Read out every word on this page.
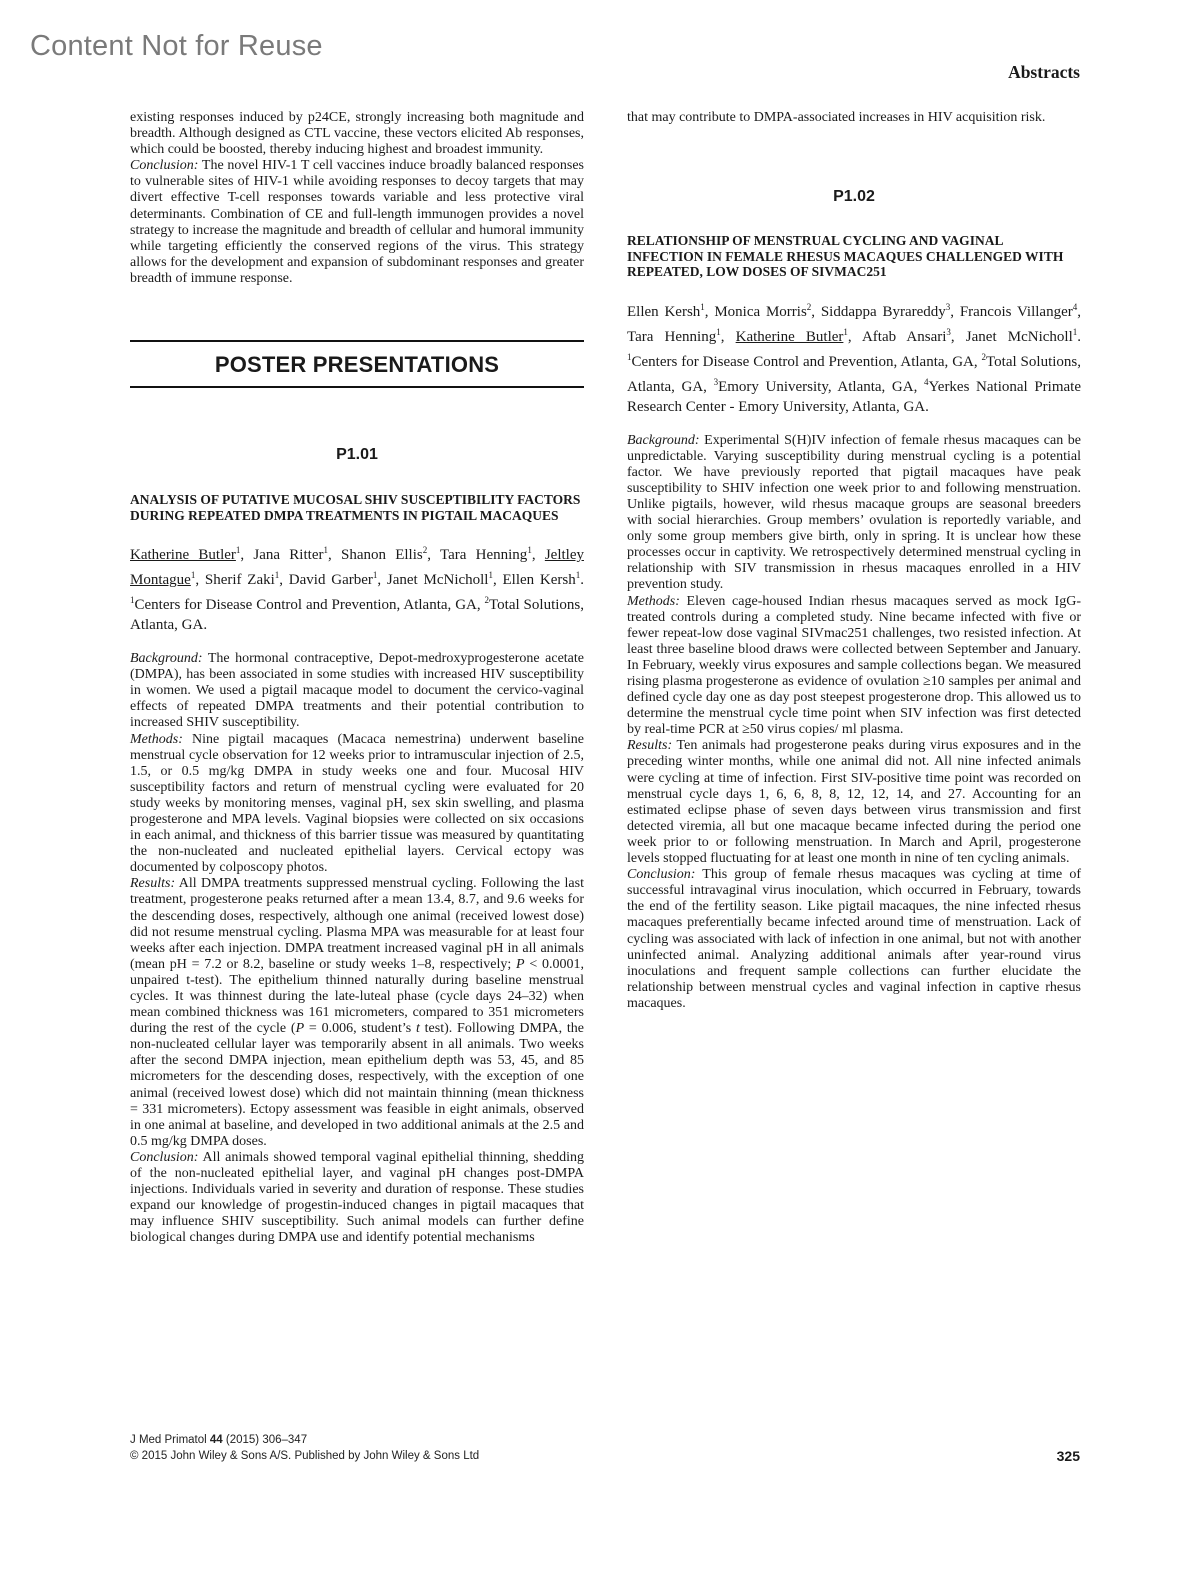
Content Not for Reuse
Abstracts

existing responses induced by p24CE, strongly increasing both magnitude and breadth. Although designed as CTL vaccine, these vectors elicited Ab responses, which could be boosted, thereby inducing highest and broadest immunity.

Conclusion: The novel HIV-1 T cell vaccines induce broadly balanced responses to vulnerable sites of HIV-1 while avoiding responses to decoy targets that may divert effective T-cell responses towards variable and less protective viral determinants. Combination of CE and full-length immunogen provides a novel strategy to increase the magnitude and breadth of cellular and humoral immunity while targeting efficiently the conserved regions of the virus. This strategy allows for the development and expansion of subdominant responses and greater breadth of immune response.

POSTER PRESENTATIONS
P1.01
ANALYSIS OF PUTATIVE MUCOSAL SHIV SUSCEPTIBILITY FACTORS DURING REPEATED DMPA TREATMENTS IN PIGTAIL MACAQUES

Katherine Butler$^1$, Jana Ritter$^1$, Shanon Ellis$^2$, Tara Henning$^1$, Jeltley Montague$^1$, Sherif Zaki$^1$, David Garber$^1$, Janet McNicholl$^1$, Ellen Kersh$^1$. $^1$Centers for Disease Control and Prevention, Atlanta, GA, $^2$Total Solutions, Atlanta, GA.

Background: The hormonal contraceptive, Depot-medroxyprogesterone acetate (DMPA), has been associated in some studies with increased HIV susceptibility in women. We used a pigtail macaque model to document the cervico-vaginal effects of repeated DMPA treatments and their potential contribution to increased SHIV susceptibility.

Methods: Nine pigtail macaques (Macaca nemestrina) underwent baseline menstrual cycle observation for 12 weeks prior to intramuscular injection of 2.5, 1.5, or 0.5 mg/kg DMPA in study weeks one and four. Mucosal HIV susceptibility factors and return of menstrual cycling were evaluated for 20 study weeks by monitoring menses, vaginal pH, sex skin swelling, and plasma progesterone and MPA levels. Vaginal biopsies were collected on six occasions in each animal, and thickness of this barrier tissue was measured by quantitating the non-nucleated and nucleated epithelial layers. Cervical ectopy was documented by colposcopy photos.

Results: All DMPA treatments suppressed menstrual cycling. Following the last treatment, progesterone peaks returned after a mean 13.4, 8.7, and 9.6 weeks for the descending doses, respectively, although one animal (received lowest dose) did not resume menstrual cycling. Plasma MPA was measurable for at least four weeks after each injection. DMPA treatment increased vaginal pH in all animals (mean pH = 7.2 or 8.2, baseline or study weeks 1–8, respectively; P < 0.0001, unpaired t-test). The epithelium thinned naturally during baseline menstrual cycles. It was thinnest during the late-luteal phase (cycle days 24–32) when mean combined thickness was 161 micrometers, compared to 351 micrometers during the rest of the cycle (P = 0.006, student’s t test). Following DMPA, the non-nucleated cellular layer was temporarily absent in all animals. Two weeks after the second DMPA injection, mean epithelium depth was 53, 45, and 85 micrometers for the descending doses, respectively, with the exception of one animal (received lowest dose) which did not maintain thinning (mean thickness = 331 micrometers). Ectopy assessment was feasible in eight animals, observed in one animal at baseline, and developed in two additional animals at the 2.5 and 0.5 mg/kg DMPA doses.

Conclusion: All animals showed temporal vaginal epithelial thinning, shedding of the non-nucleated epithelial layer, and vaginal pH changes post-DMPA injections. Individuals varied in severity and duration of response. These studies expand our knowledge of progestin-induced changes in pigtail macaques that may influence SHIV susceptibility. Such animal models can further define biological changes during DMPA use and identify potential mechanisms

that may contribute to DMPA-associated increases in HIV acquisition risk.

P1.02
RELATIONSHIP OF MENSTRUAL CYCLING AND VAGINAL INFECTION IN FEMALE RHESUS MACAQUES CHALLENGED WITH REPEATED, LOW DOSES OF SIVMAC251

Ellen Kersh$^1$, Monica Morris$^2$, Siddappa Byrareddy$^3$, Francois Villanger$^4$, Tara Henning$^1$, Katherine Butler$^1$, Aftab Ansari$^3$, Janet McNicholl$^1$. $^1$Centers for Disease Control and Prevention, Atlanta, GA, $^2$Total Solutions, Atlanta, GA, $^3$Emory University, Atlanta, GA, $^4$Yerkes National Primate Research Center - Emory University, Atlanta, GA.

Background: Experimental S(H)IV infection of female rhesus macaques can be unpredictable. Varying susceptibility during menstrual cycling is a potential factor. We have previously reported that pigtail macaques have peak susceptibility to SHIV infection one week prior to and following menstruation. Unlike pigtails, however, wild rhesus macaque groups are seasonal breeders with social hierarchies. Group members’ ovulation is reportedly variable, and only some group members give birth, only in spring. It is unclear how these processes occur in captivity. We retrospectively determined menstrual cycling in relationship with SIV transmission in rhesus macaques enrolled in a HIV prevention study.

Methods: Eleven cage-housed Indian rhesus macaques served as mock IgG- treated controls during a completed study. Nine became infected with five or fewer repeat-low dose vaginal SIVmac251 challenges, two resisted infection. At least three baseline blood draws were collected between September and January. In February, weekly virus exposures and sample collections began. We measured rising plasma progesterone as evidence of ovulation ≥10 samples per animal and defined cycle day one as day post steepest progesterone drop. This allowed us to determine the menstrual cycle time point when SIV infection was first detected by real-time PCR at ≥50 virus copies/ ml plasma.

Results: Ten animals had progesterone peaks during virus exposures and in the preceding winter months, while one animal did not. All nine infected animals were cycling at time of infection. First SIV-positive time point was recorded on menstrual cycle days 1, 6, 6, 8, 8, 12, 12, 14, and 27. Accounting for an estimated eclipse phase of seven days between virus transmission and first detected viremia, all but one macaque became infected during the period one week prior to or following menstruation. In March and April, progesterone levels stopped fluctuating for at least one month in nine of ten cycling animals.

Conclusion: This group of female rhesus macaques was cycling at time of successful intravaginal virus inoculation, which occurred in February, towards the end of the fertility season. Like pigtail macaques, the nine infected rhesus macaques preferentially became infected around time of menstruation. Lack of cycling was associated with lack of infection in one animal, but not with another uninfected animal. Analyzing additional animals after year-round virus inoculations and frequent sample collections can further elucidate the relationship between menstrual cycles and vaginal infection in captive rhesus macaques.

J Med Primatol 44 (2015) 306–347
© 2015 John Wiley & Sons A/S. Published by John Wiley & Sons Ltd	325
